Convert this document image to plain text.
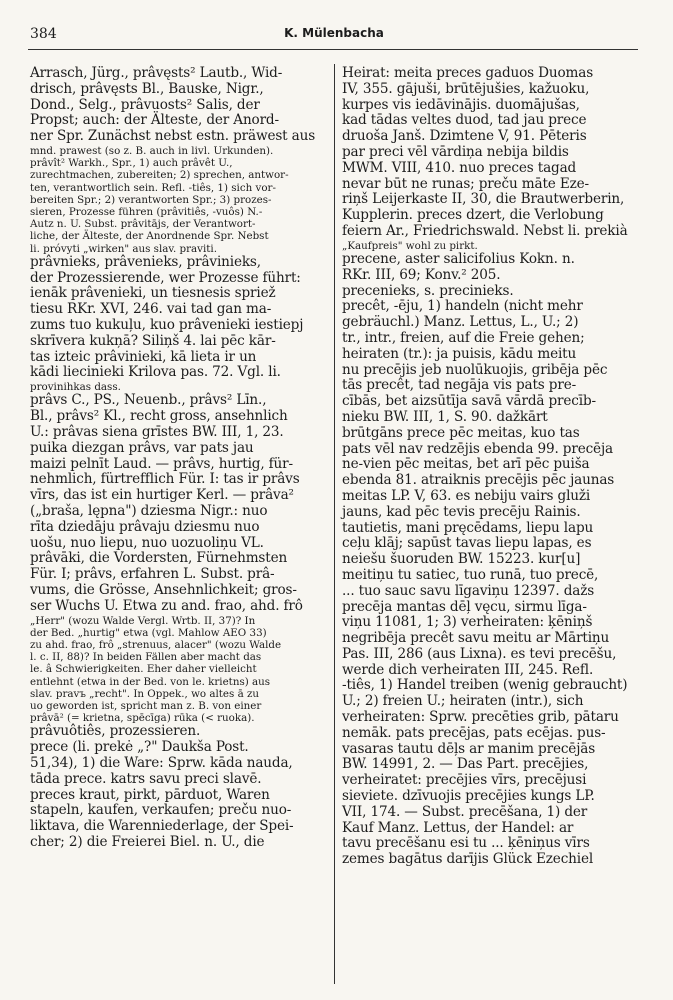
384	K. Mülenbacha

Arrasch, Jürg., prâvęsts² Lautb., Wid-

drisch, prâvęsts Bl., Bauske, Nigr.,

Dond., Selg., prâvuosts² Salis, der

Propst; auch: der Älteste, der Anord-

ner Spr. Zunächst nebst estn. präwest aus

mnd. prawest (so z. B. auch in livl. Urkunden).

prâvît² Warkh., Spr., 1) auch prâvêt U.,

zurechtmachen, zubereiten; 2) sprechen, antwor-

ten, verantwortlich sein. Refl. -tiês, 1) sich vor-

bereiten Spr.; 2) verantworten Spr.; 3) prozes-

sieren, Prozesse führen (prâvitiês, -vuôs) N.-

Autz n. U. Subst. prâvitājs, der Verantwort-

liche, der Älteste, der Anordnende Spr. Nebst

li. próvyti „wirken" aus slav. praviti.

prâvnieks, prâvenieks, prâvinieks,

der Prozessierende, wer Prozesse führt:

ienāk prâvenieki, un tiesnesis spriež

tiesu RKr. XVI, 246. vai tad gan ma-

zums tuo kukuļu, kuo prâvenieki iestiepj

skrīvera kukņā? Siliņš 4. lai pēc kār-

tas izteic prâvinieki, kā lieta ir un

kādi liecinieki Krilova pas. 72. Vgl. li.

provinihkas dass.

prâvs C., PS., Neuenb., prâvs² Līn.,

Bl., prâvs² Kl., recht gross, ansehnlich

U.: prâvas siena grīstes BW. III, 1, 23.

puika diezgan prâvs, var pats jau

maizi pelnīt Laud. — prâvs, hurtig, für-

nehmlich, fürtrefflich Für. I: tas ir prâvs

vīrs, das ist ein hurtiger Kerl. — prâva²

(„braša, lępna") dziesma Nigr.: nuo

rīta dziedāju prâvaju dziesmu nuo

uošu, nuo liepu, nuo uozuoliņu VL.

prâvāki, die Vordersten, Fürnehmsten

Für. I; prâvs, erfahren L. Subst. prâ-

vums, die Grösse, Ansehnlichkeit; gros-

ser Wuchs U. Etwa zu and. frao, ahd. frô

„Herr" (wozu Walde Vergl. Wrtb. II, 37)? In

der Bed. „hurtig" etwa (vgl. Mahlow AEO 33)

zu ahd. frao, frô „strenuus, alacer" (wozu Walde

l. c. II, 88)? In beiden Fällen aber macht das

le. â Schwierigkeiten. Eher daher vielleicht

entlehnt (etwa in der Bed. von le. krietns) aus

slav. pravъ „recht". In Oppek., wo altes ā zu

uo geworden ist, spricht man z. B. von einer

prâvā² (= krietna, spēcīga) rūka (< ruoka).

prâvuôtiês, prozessieren.

prece (li. prekė „?" Daukša Post.

51,34), 1) die Ware: Sprw. kāda nauda,

tāda prece. katrs savu preci slavē.

preces kraut, pirkt, pārduot, Waren

stapeln, kaufen, verkaufen; preču nuo-

liktava, die Warenniederlage, der Spei-

cher; 2) die Freierei Biel. n. U., die

Heirat: meita preces gaduos Duomas

IV, 355. gājuši, brūtējušies, kažuoku,

kurpes vis iedāvinājis. duomājušas,

kad tādas veltes duod, tad jau prece

druoša Janš. Dzimtene V, 91. Pēteris

par preci vēl vārdiņa nebija bildis

MWM. VIII, 410. nuo preces tagad

nevar būt ne runas; preču māte Eze-

riņš Leijerkaste II, 30, die Brautwerberin,

Kupplerin. preces dzert, die Verlobung

feiern Ar., Friedrichswald. Nebst li. prekià

„Kaufpreis" wohl zu pirkt.

precene, aster salicifolius Kokn. n.

RKr. III, 69; Konv.² 205.

precenieks, s. precinieks.

precêt, -ēju, 1) handeln (nicht mehr

gebräuchl.) Manz. Lettus, L., U.; 2)

tr., intr., freien, auf die Freie gehen;

heiraten (tr.): ja puisis, kādu meitu

nu precējis jeb nuolūkuojis, gribēja pēc

tās precêt, tad negāja vis pats pre-

cībās, bet aizsūtīja savā vārdā precīb-

nieku BW. III, 1, S. 90. dažkārt

brūtgāns prece pēc meitas, kuo tas

pats vēl nav redzējis ebenda 99. precēja

ne-vien pēc meitas, bet arī pēc puiša

ebenda 81. atraiknis precējis pēc jaunas

meitas LP. V, 63. es nebiju vairs gluži

jauns, kad pēc tevis precēju Rainis.

tautietis, mani pręcēdams, liepu lapu

ceļu klāj; sapūst tavas liepu lapas, es

neiešu šuoruden BW. 15223. kur[u]

meitiņu tu satiec, tuo runā, tuo precē,

... tuo sauc savu līgaviņu 12397. dažs

precēja mantas dēļ vęcu, sirmu līga-

viņu 11081, 1; 3) verheiraten: ķēniņš

negribēja precêt savu meitu ar Mārtiņu

Pas. III, 286 (aus Lixna). es tevi precēšu,

werde dich verheiraten III, 245. Refl.

-tiês, 1) Handel treiben (wenig gebraucht)

U.; 2) freien U.; heiraten (intr.), sich

verheiraten: Sprw. precēties grib, pātaru

nemāk. pats precējas, pats ecējas. pus-

vasaras tautu dēļs ar manim precējās

BW. 14991, 2. — Das Part. precējies,

verheiratet: precējies vīrs, precējusi

sieviete. dzīvuojis precējies kungs LP.

VII, 174. — Subst. precēšana, 1) der

Kauf Manz. Lettus, der Handel: ar

tavu precēšanu esi tu ... ķēniņus vīrs

zemes bagātus darījis Glück Ezechiel
